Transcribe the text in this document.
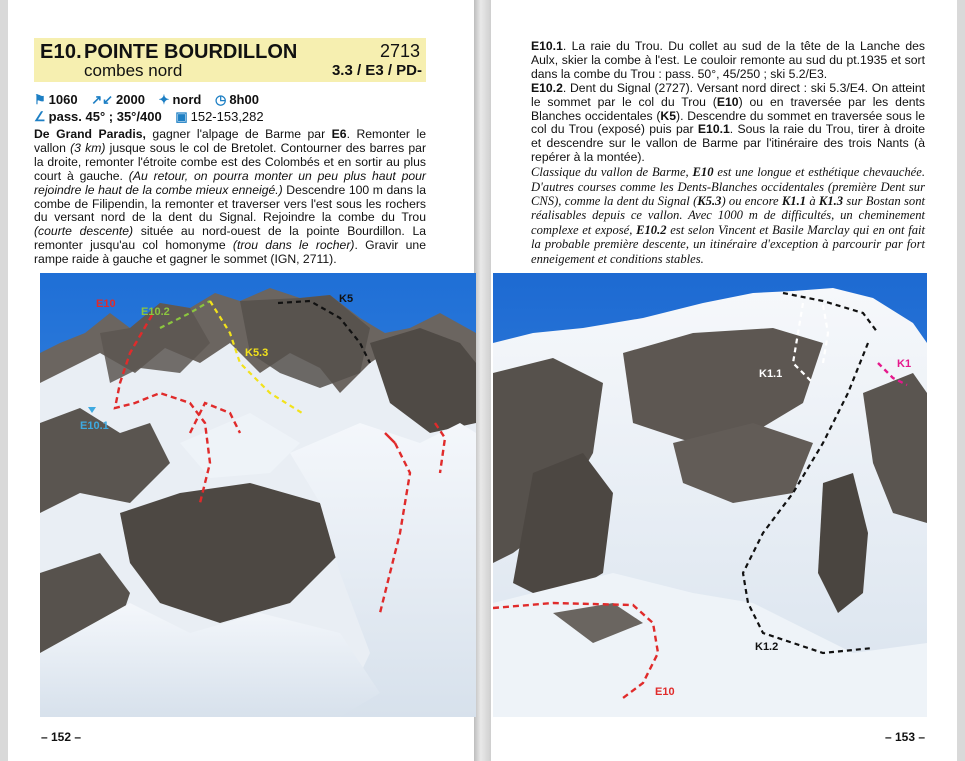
E10. POINTE BOURDILLON
combes nord
2713
3.3 / E3 / PD-
⚑ 1060 ↗↙ 2000 ✦ nord ◷ 8h00
∠ pass. 45° ; 35°/400 ▣ 152-153,282
De Grand Paradis, gagner l'alpage de Barme par E6. Remonter le vallon (3 km) jusque sous le col de Bretolet. Contourner des barres par la droite, remonter l'étroite combe est des Colombés et en sortir au plus court à gauche. (Au retour, on pourra monter un peu plus haut pour rejoindre le haut de la combe mieux enneigé.) Descendre 100 m dans la combe de Filipendin, la remonter et traverser vers l'est sous les rochers du versant nord de la dent du Signal. Rejoindre la combe du Trou (courte descente) située au nord-ouest de la pointe Bourdillon. La remonter jusqu'au col homonyme (trou dans le rocher). Gravir une rampe raide à gauche et gagner le sommet (IGN, 2711).
E10
E10.2
K5
K5.3
E10.1
E10.1. La raie du Trou. Du collet au sud de la tête de la Lanche des Aulx, skier la combe à l'est. Le couloir remonte au sud du pt.1935 et sort dans la combe du Trou : pass. 50°, 45/250 ; ski 5.2/E3.
E10.2. Dent du Signal (2727). Versant nord direct : ski 5.3/E4. On atteint le sommet par le col du Trou (E10) ou en traversée par les dents Blanches occidentales (K5). Descendre du sommet en traversée sous le col du Trou (exposé) puis par E10.1. Sous la raie du Trou, tirer à droite et descendre sur le vallon de Barme par l'itinéraire des trois Nants (à repérer à la montée).
Classique du vallon de Barme, E10 est une longue et esthétique chevauchée. D'autres courses comme les Dents-Blanches occidentales (première Dent sur CNS), comme la dent du Signal (K5.3) ou encore K1.1 à K1.3 sur Bostan sont réalisables depuis ce vallon. Avec 1000 m de difficultés, un cheminement complexe et exposé, E10.2 est selon Vincent et Basile Marclay qui en ont fait la probable première descente, un itinéraire d'exception à parcourir par fort enneigement et conditions stables.
K1
K1.1
K1.2
E10
– 152 –	– 153 –
